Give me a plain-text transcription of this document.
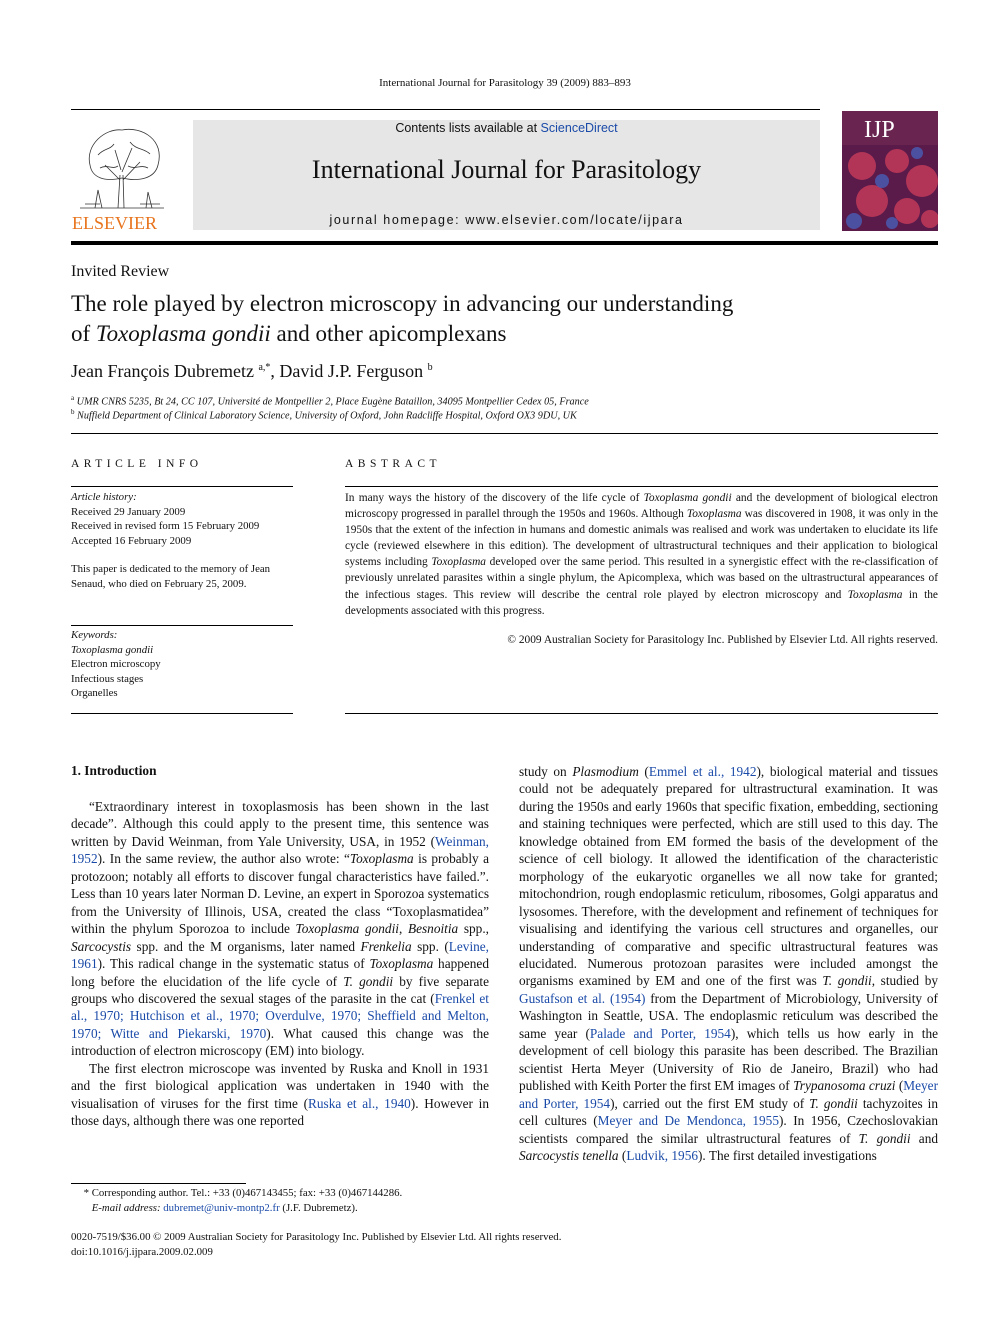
International Journal for Parasitology 39 (2009) 883–893
ELSEVIER
Contents lists available at ScienceDirect
International Journal for Parasitology
journal homepage: www.elsevier.com/locate/ijpara
IJP
Invited Review
The role played by electron microscopy in advancing our understanding
of Toxoplasma gondii and other apicomplexans
Jean François Dubremetz $^{a,*}$, David J.P. Ferguson $^b$
$^a$ UMR CNRS 5235, Bt 24, CC 107, Université de Montpellier 2, Place Eugène Bataillon, 34095 Montpellier Cedex 05, France
$^b$ Nuffield Department of Clinical Laboratory Science, University of Oxford, John Radcliffe Hospital, Oxford OX3 9DU, UK
ARTICLE INFO
Article history:
Received 29 January 2009
Received in revised form 15 February 2009
Accepted 16 February 2009
This paper is dedicated to the memory of Jean Senaud, who died on February 25, 2009.
Keywords:
Toxoplasma gondii
Electron microscopy
Infectious stages
Organelles
ABSTRACT
In many ways the history of the discovery of the life cycle of Toxoplasma gondii and the development of biological electron microscopy progressed in parallel through the 1950s and 1960s. Although Toxoplasma was discovered in 1908, it was only in the 1950s that the extent of the infection in humans and domestic animals was realised and work was undertaken to elucidate its life cycle (reviewed elsewhere in this edition). The development of ultrastructural techniques and their application to biological systems including Toxoplasma developed over the same period. This resulted in a synergistic effect with the re-classification of previously unrelated parasites within a single phylum, the Apicomplexa, which was based on the ultrastructural appearances of the infectious stages. This review will describe the central role played by electron microscopy and Toxoplasma in the developments associated with this progress.
© 2009 Australian Society for Parasitology Inc. Published by Elsevier Ltd. All rights reserved.
1. Introduction

“Extraordinary interest in toxoplasmosis has been shown in the last decade”. Although this could apply to the present time, this sentence was written by David Weinman, from Yale University, USA, in 1952 (Weinman, 1952). In the same review, the author also wrote: “Toxoplasma is probably a protozoon; notably all efforts to discover fungal characteristics have failed.”. Less than 10 years later Norman D. Levine, an expert in Sporozoa systematics from the University of Illinois, USA, created the class “Toxoplasmatidea” within the phylum Sporozoa to include Toxoplasma gondii, Besnoitia spp., Sarcocystis spp. and the M organisms, later named Frenkelia spp. (Levine, 1961). This radical change in the systematic status of Toxoplasma happened long before the elucidation of the life cycle of T. gondii by five separate groups who discovered the sexual stages of the parasite in the cat (Frenkel et al., 1970; Hutchison et al., 1970; Overdulve, 1970; Sheffield and Melton, 1970; Witte and Piekarski, 1970). What caused this change was the introduction of electron microscopy (EM) into biology.

The first electron microscope was invented by Ruska and Knoll in 1931 and the first biological application was undertaken in 1940 with the visualisation of viruses for the first time (Ruska et al., 1940). However in those days, although there was one reported

study on Plasmodium (Emmel et al., 1942), biological material and tissues could not be adequately prepared for ultrastructural examination. It was during the 1950s and early 1960s that specific fixation, embedding, sectioning and staining techniques were perfected, which are still used to this day. The knowledge obtained from EM formed the basis of the development of the science of cell biology. It allowed the identification of the characteristic morphology of the eukaryotic organelles we all now take for granted; mitochondrion, rough endoplasmic reticulum, ribosomes, Golgi apparatus and lysosomes. Therefore, with the development and refinement of techniques for visualising and identifying the various cell structures and organelles, our understanding of comparative and specific ultrastructural features was elucidated. Numerous protozoan parasites were included amongst the organisms examined by EM and one of the first was T. gondii, studied by Gustafson et al. (1954) from the Department of Microbiology, University of Washington in Seattle, USA. The endoplasmic reticulum was described the same year (Palade and Porter, 1954), which tells us how early in the development of cell biology this parasite has been described. The Brazilian scientist Herta Meyer (University of Rio de Janeiro, Brazil) who had published with Keith Porter the first EM images of Trypanosoma cruzi (Meyer and Porter, 1954), carried out the first EM study of T. gondii tachyzoites in cell cultures (Meyer and De Mendonca, 1955). In 1956, Czechoslovakian scientists compared the similar ultrastructural features of T. gondii and Sarcocystis tenella (Ludvik, 1956). The first detailed investigations

* Corresponding author. Tel.: +33 (0)467143455; fax: +33 (0)467144286.
E-mail address: dubremet@univ-montp2.fr (J.F. Dubremetz).
0020-7519/$36.00 © 2009 Australian Society for Parasitology Inc. Published by Elsevier Ltd. All rights reserved.
doi:10.1016/j.ijpara.2009.02.009
